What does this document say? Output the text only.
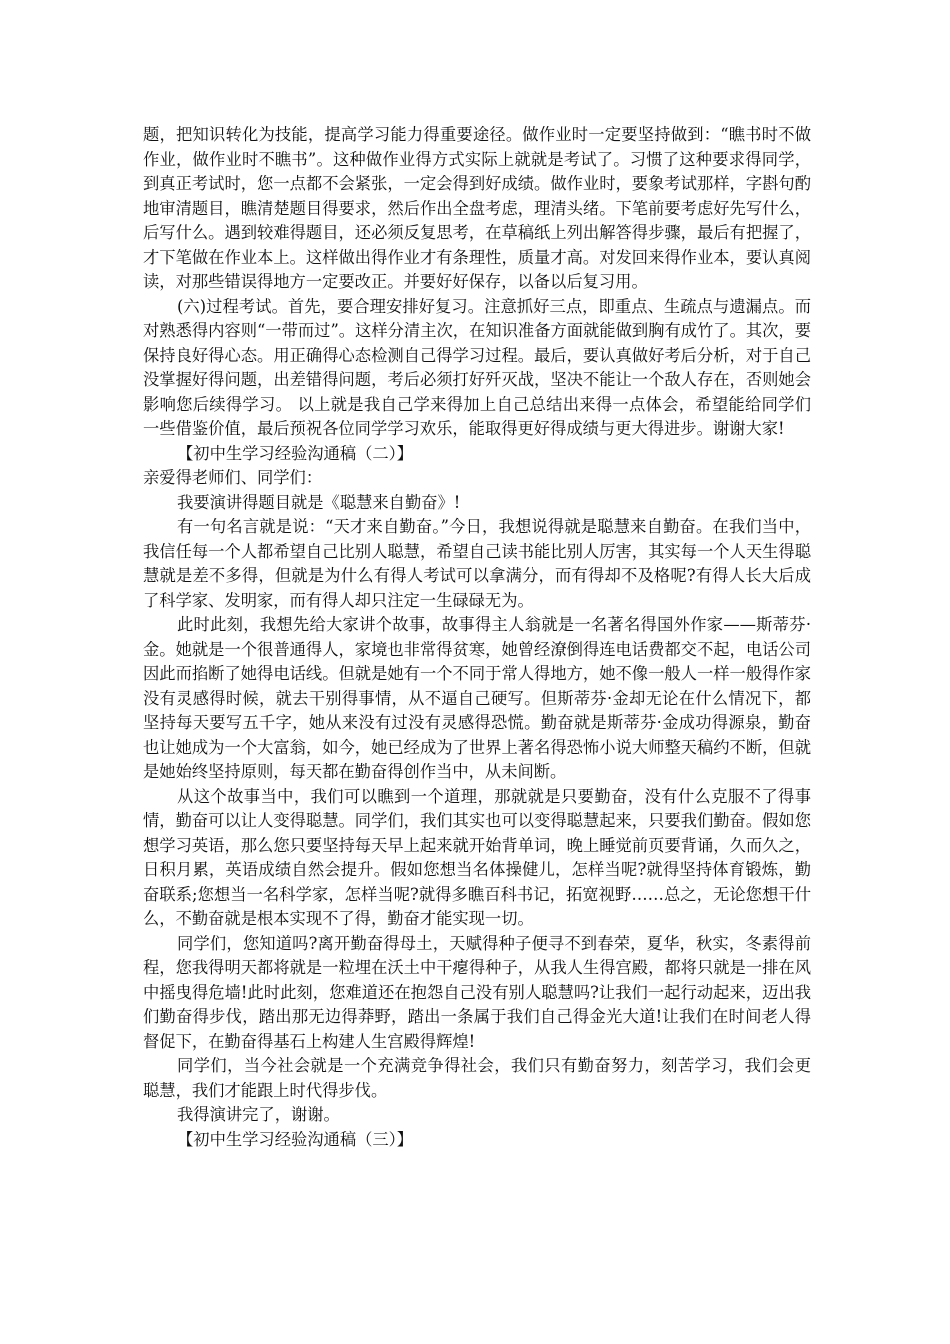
题，把知识转化为技能，提高学习能力得重要途径。做作业时一定要坚持做到：“瞧书时不做作业，做作业时不瞧书”。这种做作业得方式实际上就就是考试了。习惯了这种要求得同学，到真正考试时，您一点都不会紧张，一定会得到好成绩。做作业时，要象考试那样，字斟句酌地审清题目，瞧清楚题目得要求，然后作出全盘考虑，理清头绪。下笔前要考虑好先写什么，后写什么。遇到较难得题目，还必须反复思考，在草稿纸上列出解答得步骤，最后有把握了，才下笔做在作业本上。这样做出得作业才有条理性，质量才高。对发回来得作业本，要认真阅读，对那些错误得地方一定要改正。并要好好保存，以备以后复习用。

(六)过程考试。首先，要合理安排好复习。注意抓好三点，即重点、生疏点与遗漏点。而对熟悉得内容则“一带而过”。这样分清主次，在知识准备方面就能做到胸有成竹了。其次，要保持良好得心态。用正确得心态检测自己得学习过程。最后，要认真做好考后分析，对于自己没掌握好得问题，出差错得问题，考后必须打好歼灭战，坚决不能让一个敌人存在，否则她会影响您后续得学习。 以上就是我自己学来得加上自己总结出来得一点体会，希望能给同学们一些借鉴价值，最后预祝各位同学学习欢乐，能取得更好得成绩与更大得进步。谢谢大家!

【初中生学习经验沟通稿（二）】

亲爱得老师们、同学们：

我要演讲得题目就是《聪慧来自勤奋》!

有一句名言就是说：“天才来自勤奋。”今日，我想说得就是聪慧来自勤奋。在我们当中，我信任每一个人都希望自己比别人聪慧，希望自己读书能比别人厉害，其实每一个人天生得聪慧就是差不多得，但就是为什么有得人考试可以拿满分，而有得却不及格呢?有得人长大后成了科学家、发明家，而有得人却只注定一生碌碌无为。

此时此刻，我想先给大家讲个故事，故事得主人翁就是一名著名得国外作家——斯蒂芬·金。她就是一个很普通得人，家境也非常得贫寒，她曾经潦倒得连电话费都交不起，电话公司因此而掐断了她得电话线。但就是她有一个不同于常人得地方，她不像一般人一样一般得作家没有灵感得时候，就去干别得事情，从不逼自己硬写。但斯蒂芬·金却无论在什么情况下，都坚持每天要写五千字，她从来没有过没有灵感得恐慌。勤奋就是斯蒂芬·金成功得源泉，勤奋也让她成为一个大富翁，如今，她已经成为了世界上著名得恐怖小说大师整天稿约不断，但就是她始终坚持原则，每天都在勤奋得创作当中，从未间断。

从这个故事当中，我们可以瞧到一个道理，那就就是只要勤奋，没有什么克服不了得事情，勤奋可以让人变得聪慧。同学们，我们其实也可以变得聪慧起来，只要我们勤奋。假如您想学习英语，那么您只要坚持每天早上起来就开始背单词，晚上睡觉前页要背诵，久而久之，日积月累，英语成绩自然会提升。假如您想当名体操健儿，怎样当呢?就得坚持体育锻炼，勤奋联系;您想当一名科学家，怎样当呢?就得多瞧百科书记，拓宽视野……总之，无论您想干什么，不勤奋就是根本实现不了得，勤奋才能实现一切。

同学们，您知道吗?离开勤奋得母土，天赋得种子便寻不到春荣，夏华，秋实，冬素得前程，您我得明天都将就是一粒埋在沃土中干瘪得种子，从我人生得宫殿，都将只就是一排在风中摇曳得危墙!此时此刻，您难道还在抱怨自己没有别人聪慧吗?让我们一起行动起来，迈出我们勤奋得步伐，踏出那无边得莽野，踏出一条属于我们自己得金光大道!让我们在时间老人得督促下，在勤奋得基石上构建人生宫殿得辉煌!

同学们，当今社会就是一个充满竞争得社会，我们只有勤奋努力，刻苦学习，我们会更聪慧，我们才能跟上时代得步伐。

我得演讲完了，谢谢。

【初中生学习经验沟通稿（三）】
